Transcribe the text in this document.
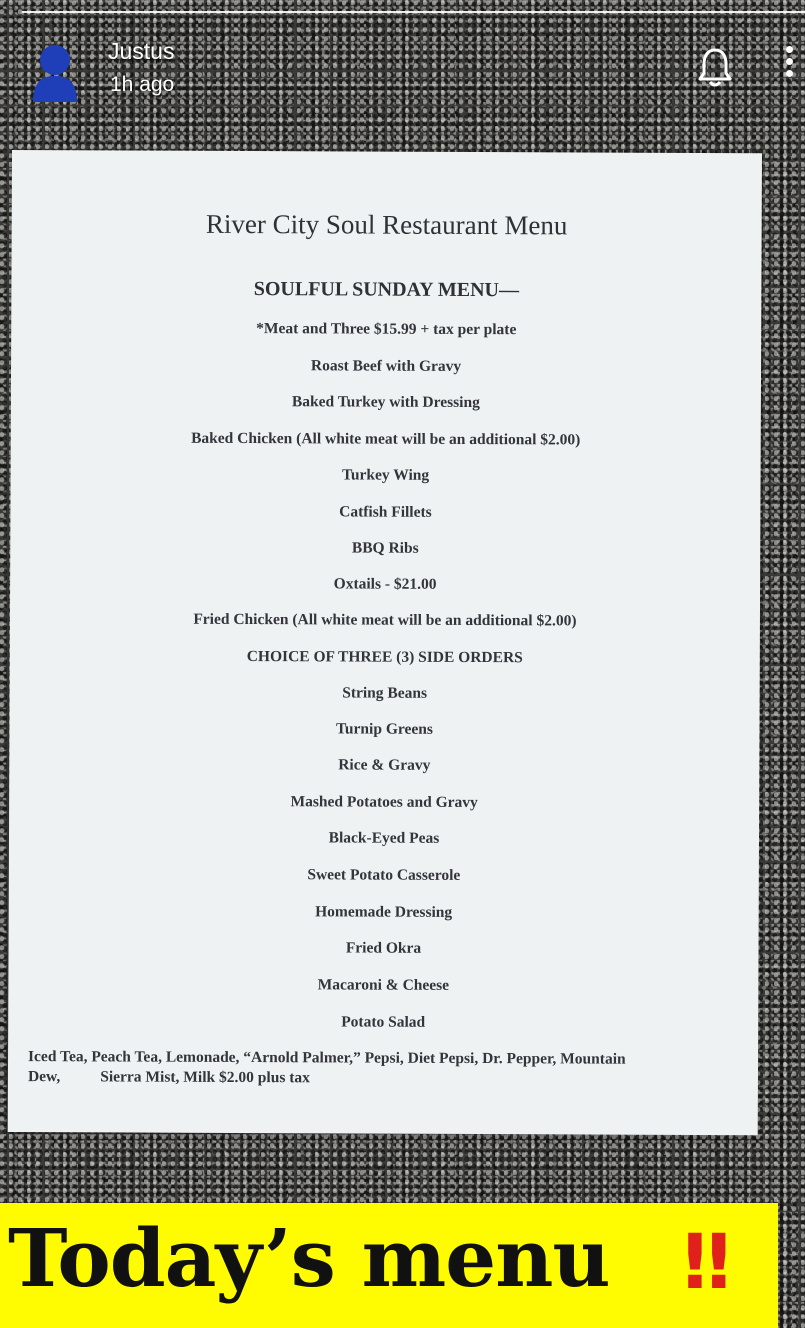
Justus
1h ago
River City Soul Restaurant Menu
SOULFUL SUNDAY MENU—
*Meat and Three $15.99 + tax per plate
Roast Beef with Gravy
Baked Turkey with Dressing
Baked Chicken (All white meat will be an additional $2.00)
Turkey Wing
Catfish Fillets
BBQ Ribs
Oxtails - $21.00
Fried Chicken (All white meat will be an additional $2.00)
CHOICE OF THREE (3) SIDE ORDERS
String Beans
Turnip Greens
Rice & Gravy
Mashed Potatoes and Gravy
Black-Eyed Peas
Sweet Potato Casserole
Homemade Dressing
Fried Okra
Macaroni & Cheese
Potato Salad
Iced Tea, Peach Tea, Lemonade, “Arnold Palmer,” Pepsi, Diet Pepsi, Dr. Pepper, Mountain
Dew,	Sierra Mist, Milk $2.00 plus tax
Today’s menu ‼
